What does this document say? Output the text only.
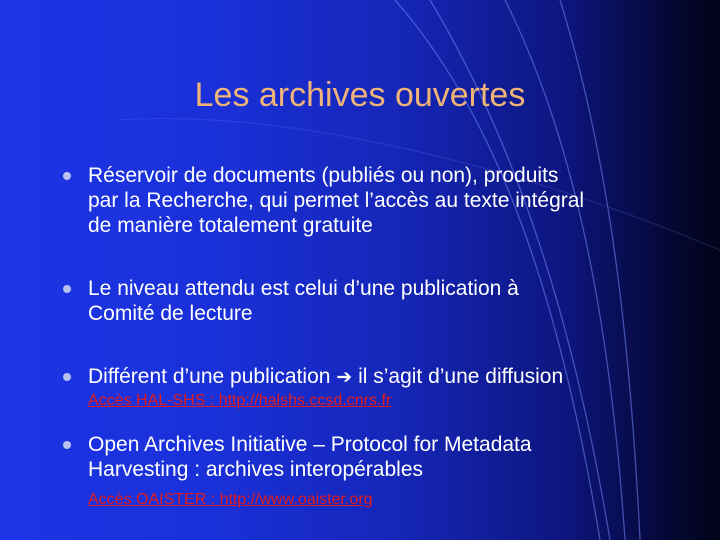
Les archives ouvertes
Réservoir de documents (publiés ou non), produits
par la Recherche, qui permet l’accès au texte intégral
de manière totalement gratuite
Le niveau attendu est celui d’une publication à
Comité de lecture
Différent d’une publication ➔ il s’agit d’une diffusion
Accès HAL-SHS : http://halshs.ccsd.cnrs.fr
Open Archives Initiative – Protocol for Metadata
Harvesting : archives interopérables
Accès OAISTER : http://www.oaister.org
